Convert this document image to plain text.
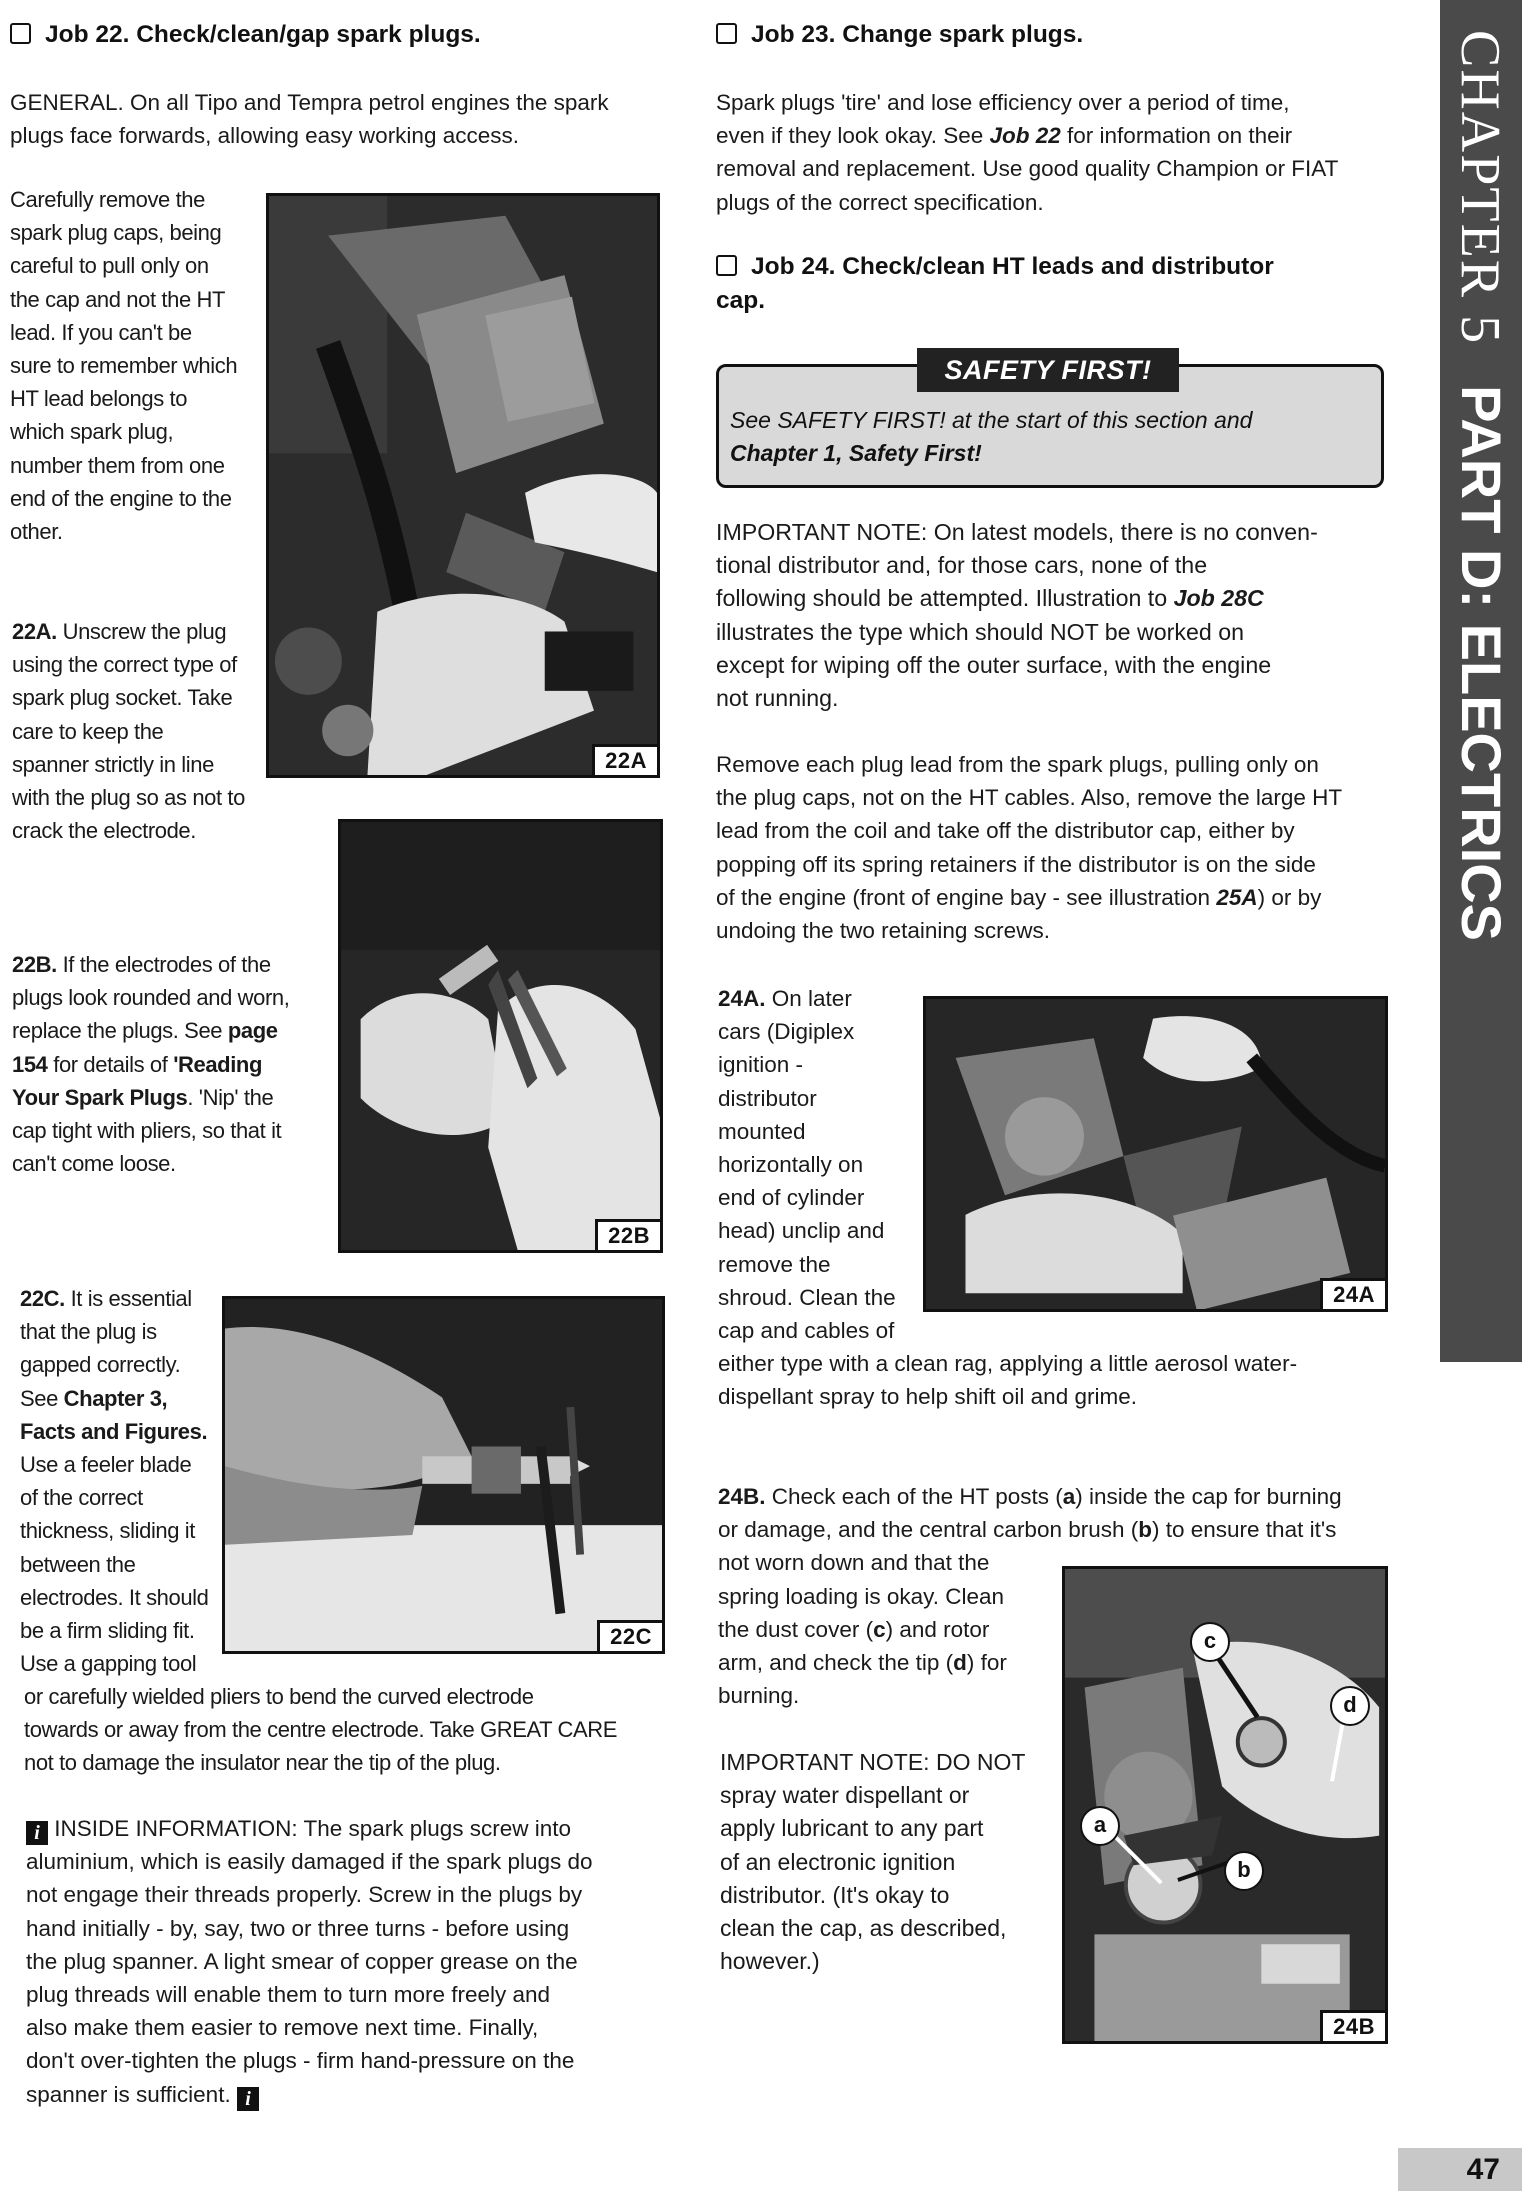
CHAPTER 5PART D: ELECTRICS
Job 22. Check/clean/gap spark plugs.
GENERAL. On all Tipo and Tempra petrol engines the spark
plugs face forwards, allowing easy working access.
Carefully remove the
spark plug caps, being
careful to pull only on
the cap and not the HT
lead. If you can't be
sure to remember which
HT lead belongs to
which spark plug,
number them from one
end of the engine to the
other.
22A
22A. Unscrew the plug
using the correct type of
spark plug socket. Take
care to keep the
spanner strictly in line
with the plug so as not to
crack the electrode.
22B
22B. If the electrodes of the
plugs look rounded and worn,
replace the plugs. See page
154 for details of 'Reading
Your Spark Plugs. 'Nip' the
cap tight with pliers, so that it
can't come loose.
22C
22C. It is essential
that the plug is
gapped correctly.
See Chapter 3,
Facts and Figures.
Use a feeler blade
of the correct
thickness, sliding it
between the
electrodes. It should
be a firm sliding fit.
Use a gapping tool
or carefully wielded pliers to bend the curved electrode
towards or away from the centre electrode. Take GREAT CARE
not to damage the insulator near the tip of the plug.
i INSIDE INFORMATION: The spark plugs screw into
aluminium, which is easily damaged if the spark plugs do
not engage their threads properly. Screw in the plugs by
hand initially - by, say, two or three turns - before using
the plug spanner. A light smear of copper grease on the
plug threads will enable them to turn more freely and
also make them easier to remove next time. Finally,
don't over-tighten the plugs - firm hand-pressure on the
spanner is sufficient. i
Job 23. Change spark plugs.
Spark plugs 'tire' and lose efficiency over a period of time,
even if they look okay. See Job 22 for information on their
removal and replacement. Use good quality Champion or FIAT
plugs of the correct specification.
Job 24. Check/clean HT leads and distributor
cap.
SAFETY FIRST!
See SAFETY FIRST! at the start of this section and
Chapter 1, Safety First!
IMPORTANT NOTE: On latest models, there is no conven-
tional distributor and, for those cars, none of the
following should be attempted. Illustration to Job 28C
illustrates the type which should NOT be worked on
except for wiping off the outer surface, with the engine
not running.
Remove each plug lead from the spark plugs, pulling only on
the plug caps, not on the HT cables. Also, remove the large HT
lead from the coil and take off the distributor cap, either by
popping off its spring retainers if the distributor is on the side
of the engine (front of engine bay - see illustration 25A) or by
undoing the two retaining screws.
24A
24A. On later
cars (Digiplex
ignition -
distributor
mounted
horizontally on
end of cylinder
head) unclip and
remove the
shroud. Clean the
cap and cables of
either type with a clean rag, applying a little aerosol water-
dispellant spray to help shift oil and grime.
24B. Check each of the HT posts (a) inside the cap for burning
or damage, and the central carbon brush (b) to ensure that it's
not worn down and that the
spring loading is okay. Clean
the dust cover (c) and rotor
arm, and check the tip (d) for
burning.
IMPORTANT NOTE: DO NOT
spray water dispellant or
apply lubricant to any part
of an electronic ignition
distributor. (It's okay to
clean the cap, as described,
however.)
24B
c
d
a
b
47
